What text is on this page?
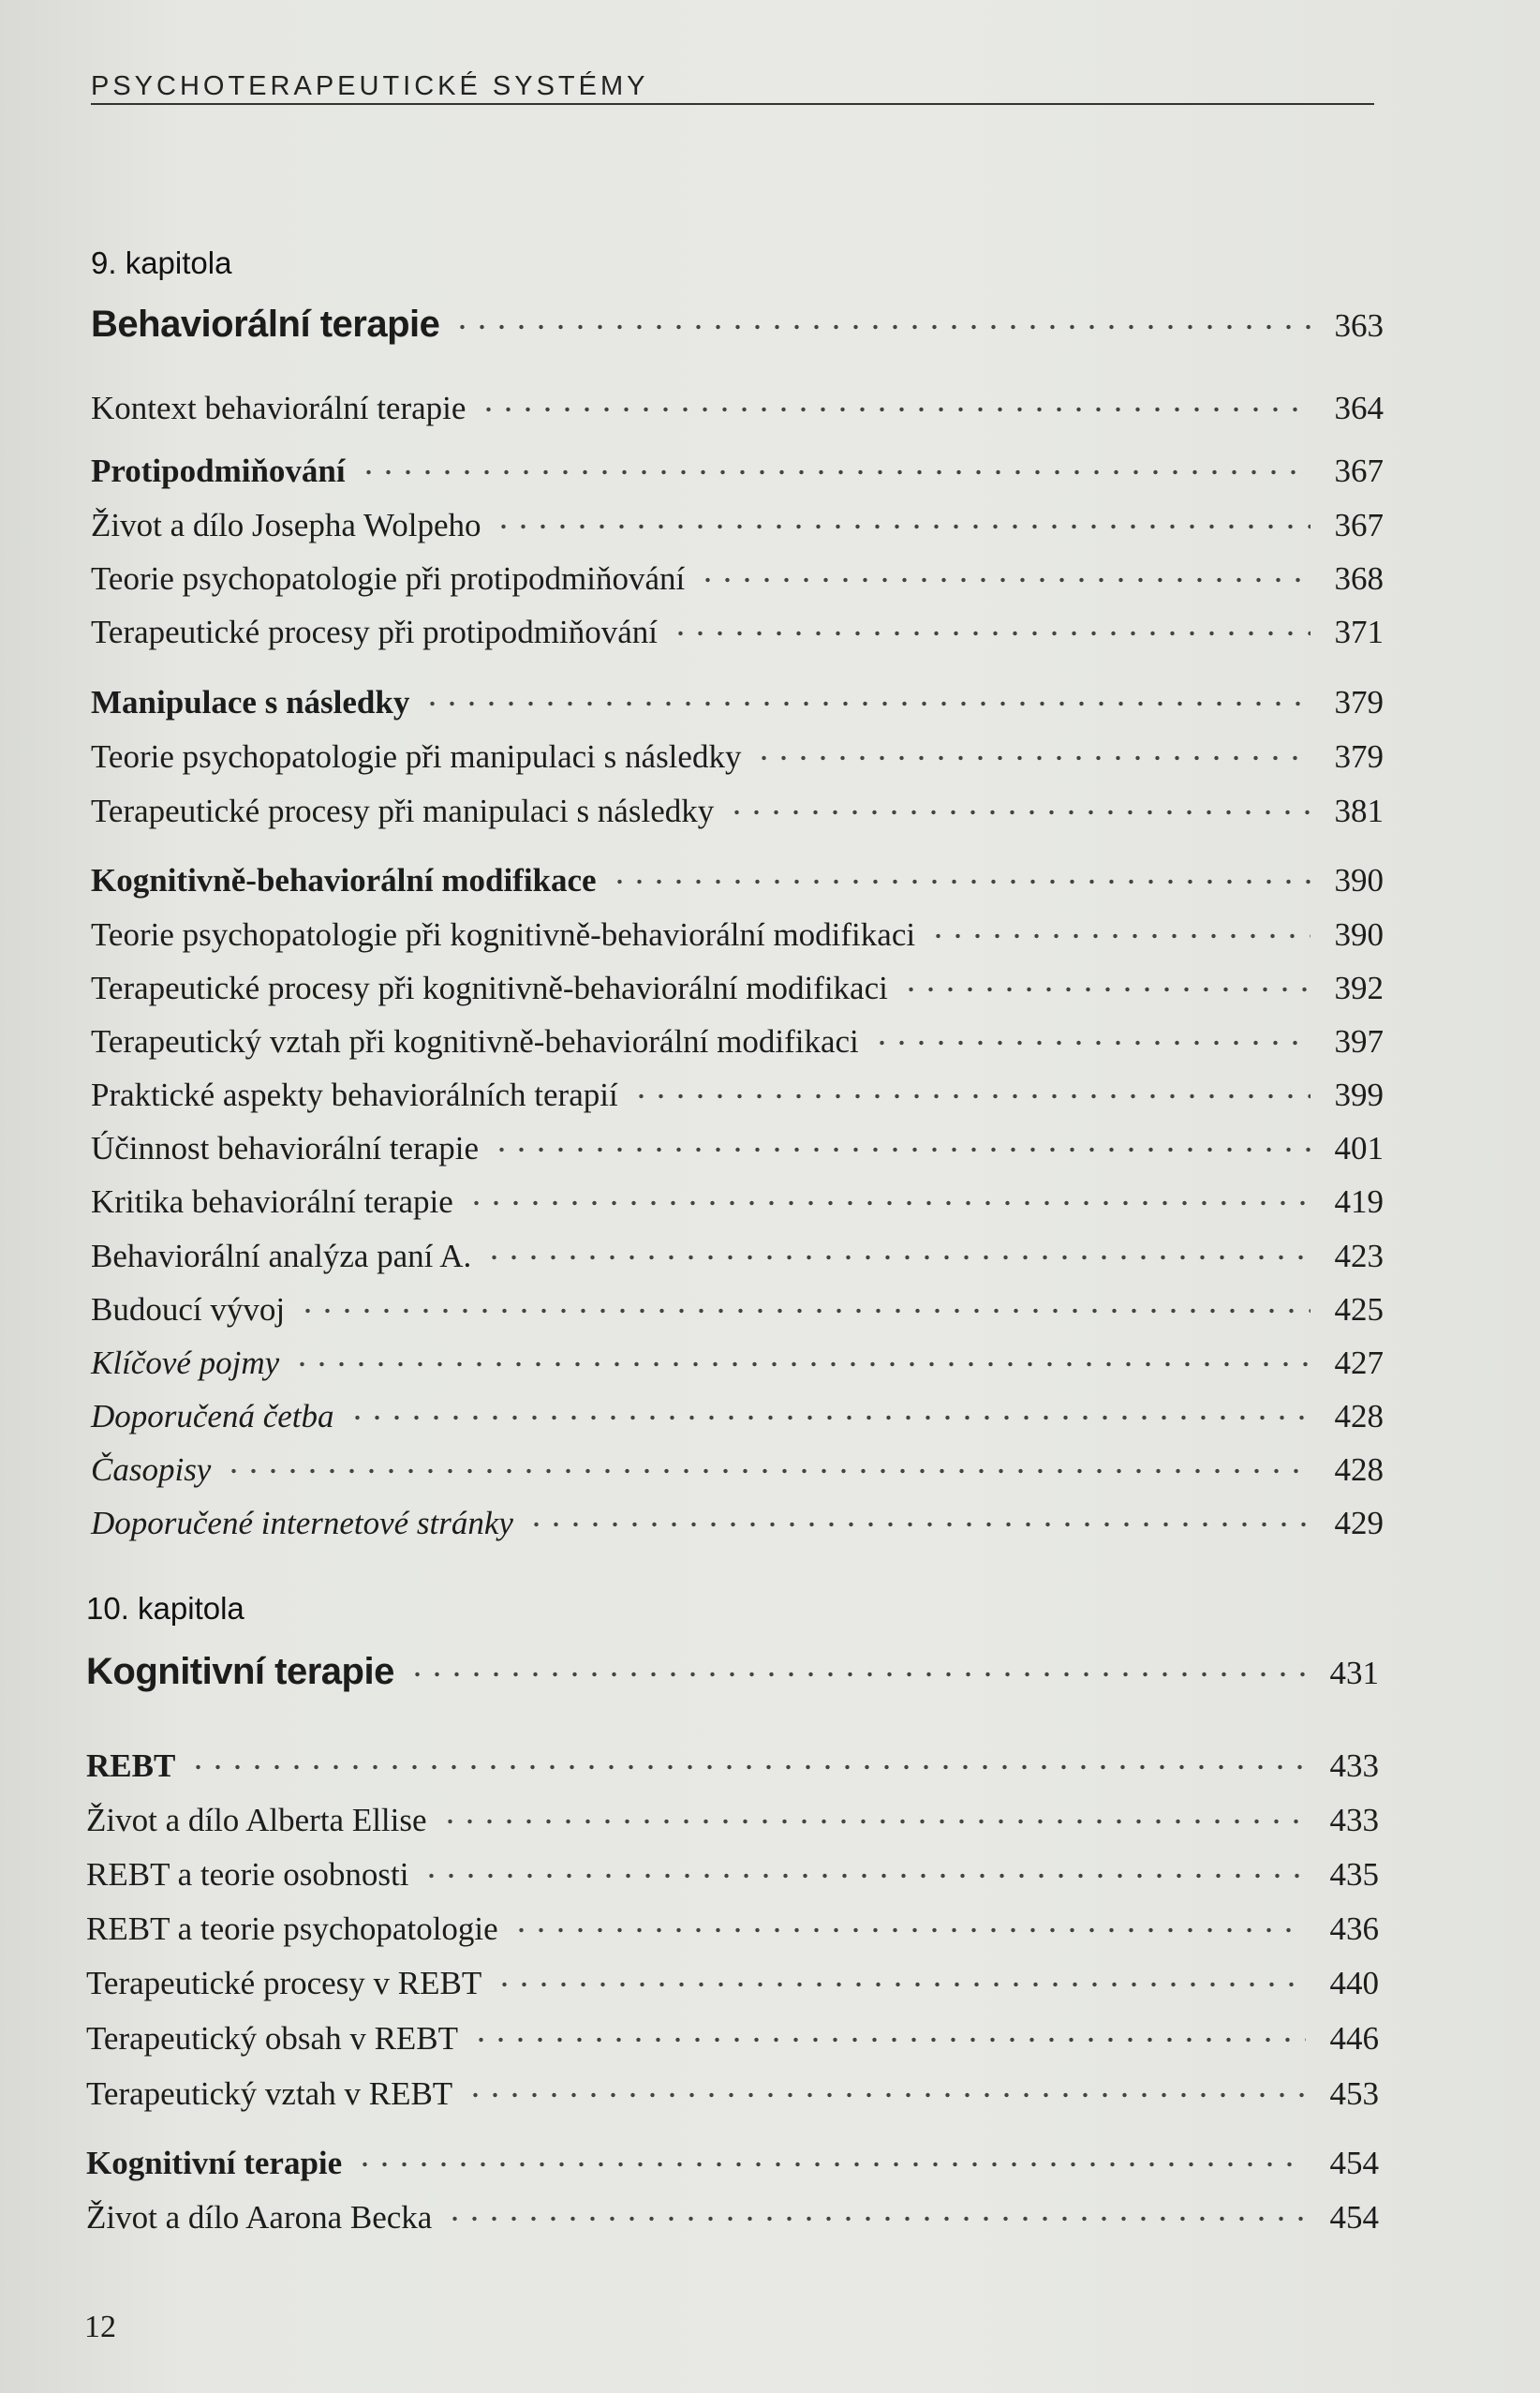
PSYCHOTERAPEUTICKÉ SYSTÉMY
9. kapitola
Behaviorální terapie	363
Kontext behaviorální terapie	364
Protipodmiňování	367
Život a dílo Josepha Wolpeho	367
Teorie psychopatologie při protipodmiňování	368
Terapeutické procesy při protipodmiňování	371
Manipulace s následky	379
Teorie psychopatologie při manipulaci s následky	379
Terapeutické procesy při manipulaci s následky	381
Kognitivně-behaviorální modifikace	390
Teorie psychopatologie při kognitivně-behaviorální modifikaci	390
Terapeutické procesy při kognitivně-behaviorální modifikaci	392
Terapeutický vztah při kognitivně-behaviorální modifikaci	397
Praktické aspekty behaviorálních terapií	399
Účinnost behaviorální terapie	401
Kritika behaviorální terapie	419
Behaviorální analýza paní A.	423
Budoucí vývoj	425
Klíčové pojmy	427
Doporučená četba	428
Časopisy	428
Doporučené internetové stránky	429
10. kapitola
Kognitivní terapie	431
REBT	433
Život a dílo Alberta Ellise	433
REBT a teorie osobnosti	435
REBT a teorie psychopatologie	436
Terapeutické procesy v REBT	440
Terapeutický obsah v REBT	446
Terapeutický vztah v REBT	453
Kognitivní terapie	454
Život a dílo Aarona Becka	454
12
